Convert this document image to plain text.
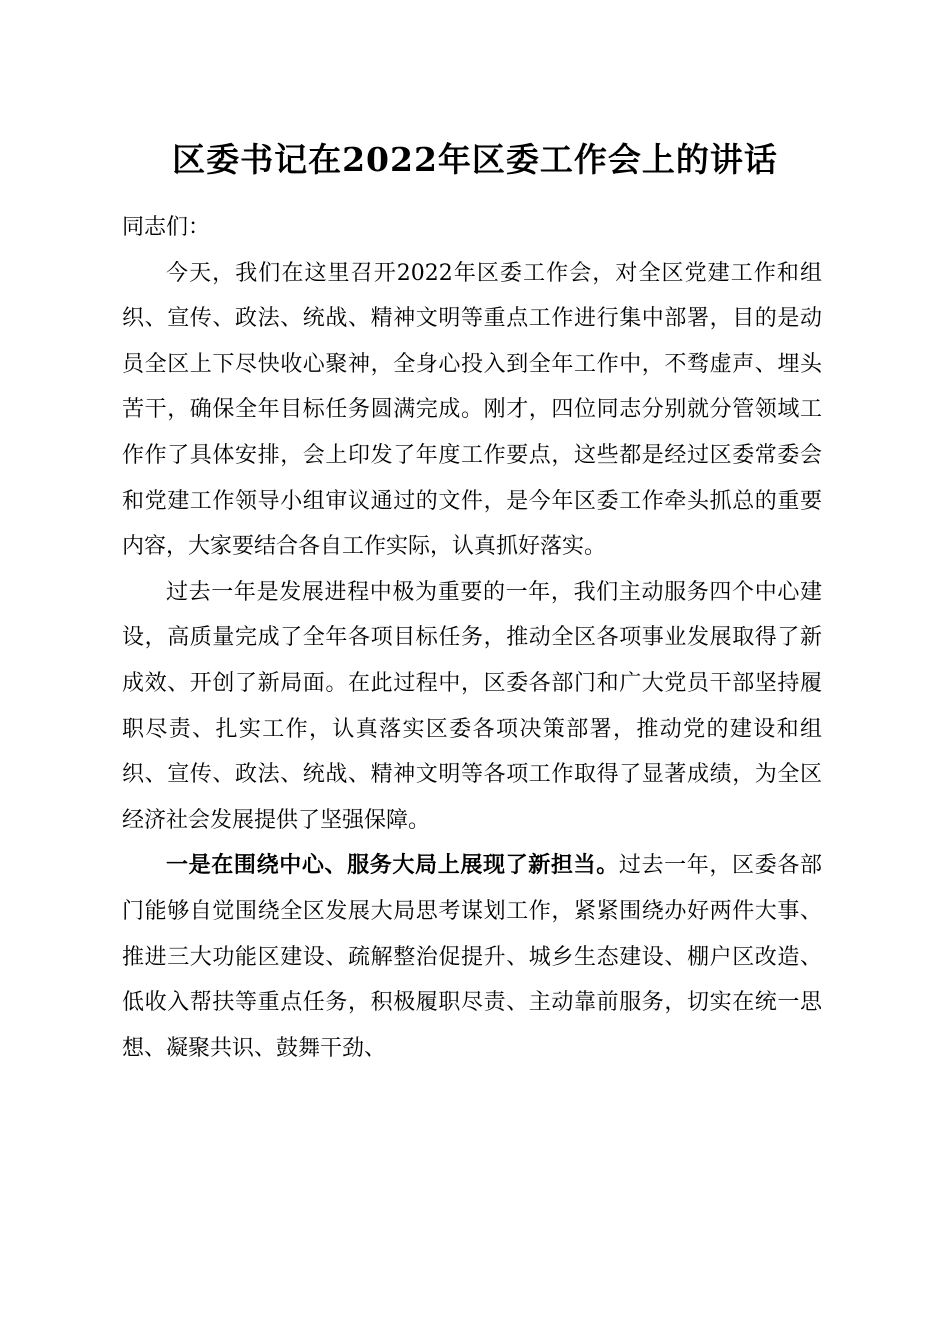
区委书记在2022年区委工作会上的讲话

同志们：

今天，我们在这里召开2022年区委工作会，对全区党建工作和组织、宣传、政法、统战、精神文明等重点工作进行集中部署，目的是动员全区上下尽快收心聚神，全身心投入到全年工作中，不骛虚声、埋头苦干，确保全年目标任务圆满完成。刚才，四位同志分别就分管领域工作作了具体安排，会上印发了年度工作要点，这些都是经过区委常委会和党建工作领导小组审议通过的文件，是今年区委工作牵头抓总的重要内容，大家要结合各自工作实际，认真抓好落实。

过去一年是发展进程中极为重要的一年，我们主动服务四个中心建设，高质量完成了全年各项目标任务，推动全区各项事业发展取得了新成效、开创了新局面。在此过程中，区委各部门和广大党员干部坚持履职尽责、扎实工作，认真落实区委各项决策部署，推动党的建设和组织、宣传、政法、统战、精神文明等各项工作取得了显著成绩，为全区经济社会发展提供了坚强保障。

一是在围绕中心、服务大局上展现了新担当。过去一年，区委各部门能够自觉围绕全区发展大局思考谋划工作，紧紧围绕办好两件大事、推进三大功能区建设、疏解整治促提升、城乡生态建设、棚户区改造、低收入帮扶等重点任务，积极履职尽责、主动靠前服务，切实在统一思想、凝聚共识、鼓舞干劲、
